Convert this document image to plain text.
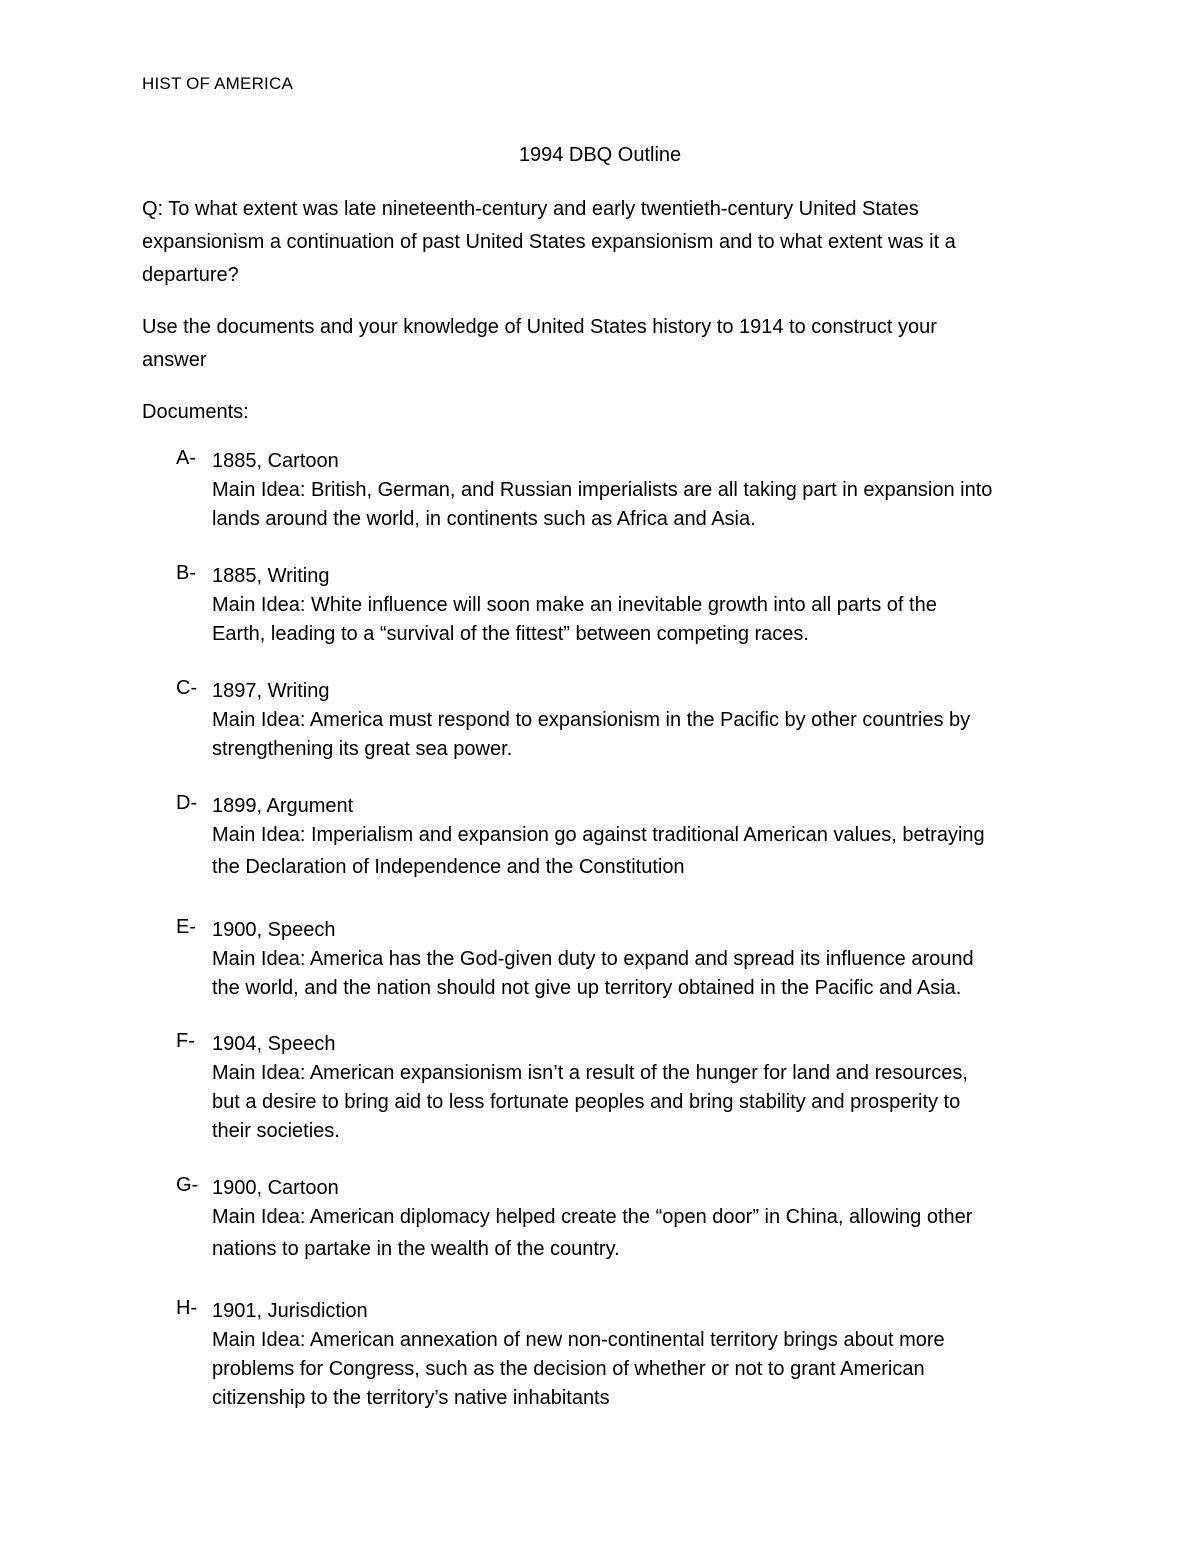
HIST OF AMERICA
1994 DBQ Outline
Q: To what extent was late nineteenth-century and early twentieth-century United States
expansionism a continuation of past United States expansionism and to what extent was it a
departure?
Use the documents and your knowledge of United States history to 1914 to construct your
answer
Documents:
A- 1885, Cartoon
Main Idea: British, German, and Russian imperialists are all taking part in expansion into
lands around the world, in continents such as Africa and Asia.
B- 1885, Writing
Main Idea: White influence will soon make an inevitable growth into all parts of the
Earth, leading to a “survival of the fittest” between competing races.
C- 1897, Writing
Main Idea: America must respond to expansionism in the Pacific by other countries by
strengthening its great sea power.
D- 1899, Argument
Main Idea: Imperialism and expansion go against traditional American values, betraying
the Declaration of Independence and the Constitution
E- 1900, Speech
Main Idea: America has the God-given duty to expand and spread its influence around
the world, and the nation should not give up territory obtained in the Pacific and Asia.
F- 1904, Speech
Main Idea: American expansionism isn’t a result of the hunger for land and resources,
but a desire to bring aid to less fortunate peoples and bring stability and prosperity to
their societies.
G- 1900, Cartoon
Main Idea: American diplomacy helped create the “open door” in China, allowing other
nations to partake in the wealth of the country.
H- 1901, Jurisdiction
Main Idea: American annexation of new non-continental territory brings about more
problems for Congress, such as the decision of whether or not to grant American
citizenship to the territory’s native inhabitants
